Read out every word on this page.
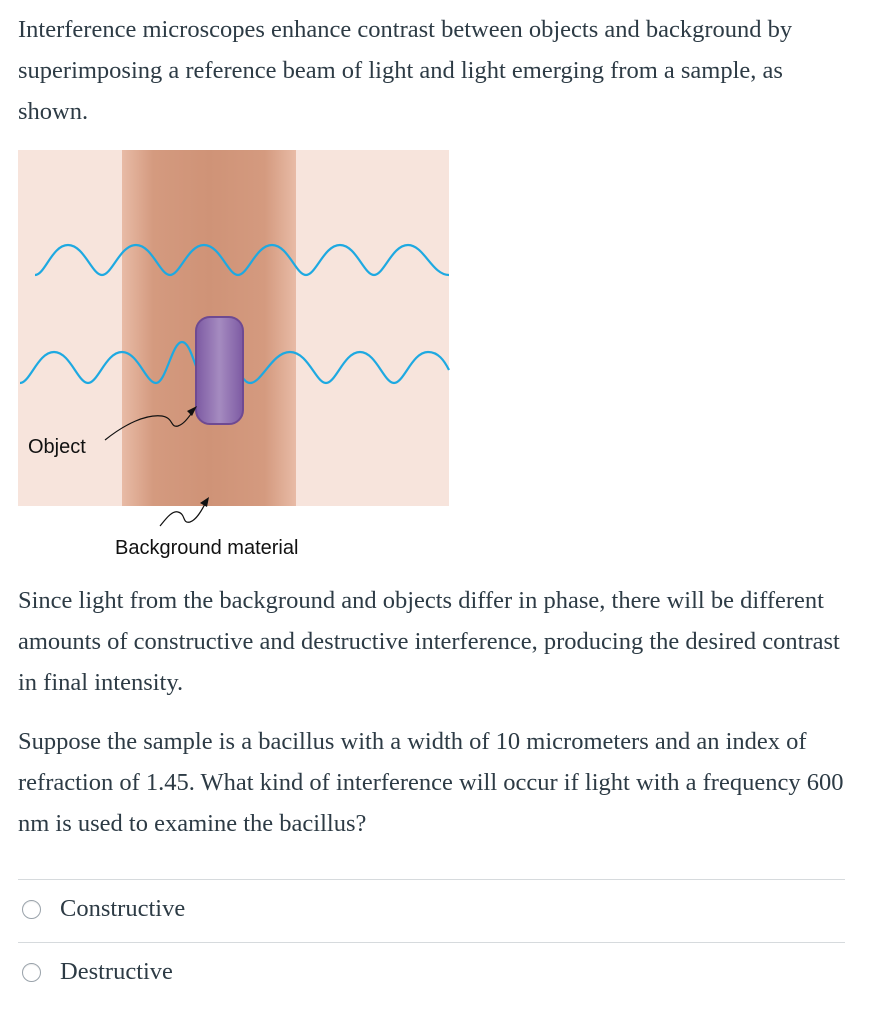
Interference microscopes enhance contrast between objects and background by superimposing a reference beam of light and light emerging from a sample, as shown.

Object
Background material

Since light from the background and objects differ in phase, there will be different amounts of constructive and destructive interference, producing the desired contrast in final intensity.

Suppose the sample is a bacillus with a width of 10 micrometers and an index of refraction of 1.45. What kind of interference will occur if light with a frequency 600 nm is used to examine the bacillus?

Constructive
Destructive
